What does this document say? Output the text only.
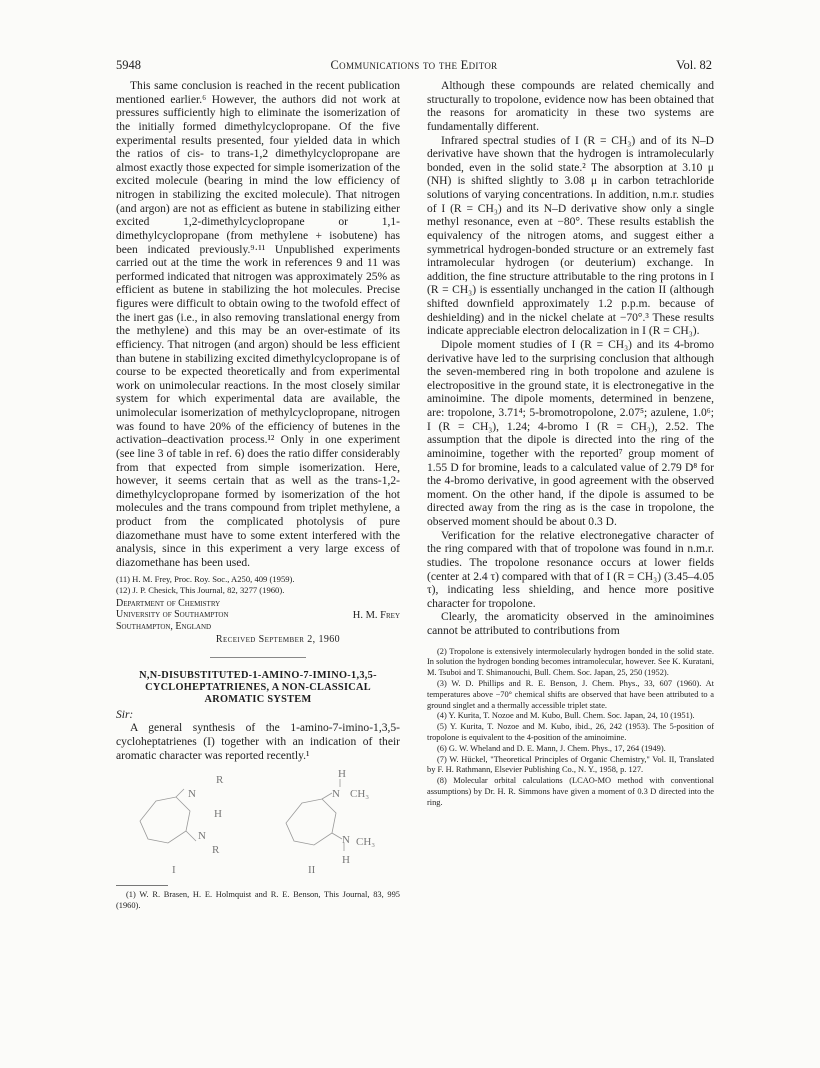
5948	Communications to the Editor	Vol. 82

This same conclusion is reached in the recent publication mentioned earlier.⁶ However, the authors did not work at pressures sufficiently high to eliminate the isomerization of the initially formed dimethylcyclopropane. Of the five experimental results presented, four yielded data in which the ratios of cis- to trans-1,2 dimethylcyclopropane are almost exactly those expected for simple isomerization of the excited molecule (bearing in mind the low efficiency of nitrogen in stabilizing the excited molecule). That nitrogen (and argon) are not as efficient as butene in stabilizing either excited 1,2-dimethylcyclopropane or 1,1-dimethylcyclopropane (from methylene + isobutene) has been indicated previously.⁹·¹¹ Unpublished experiments carried out at the time the work in references 9 and 11 was performed indicated that nitrogen was approximately 25% as efficient as butene in stabilizing the hot molecules. Precise figures were difficult to obtain owing to the twofold effect of the inert gas (i.e., in also removing translational energy from the methylene) and this may be an over-estimate of its efficiency. That nitrogen (and argon) should be less efficient than butene in stabilizing excited dimethylcyclopropane is of course to be expected theoretically and from experimental work on unimolecular reactions. In the most closely similar system for which experimental data are available, the unimolecular isomerization of methylcyclopropane, nitrogen was found to have 20% of the efficiency of butenes in the activation–deactivation process.¹² Only in one experiment (see line 3 of table in ref. 6) does the ratio differ considerably from that expected from simple isomerization. Here, however, it seems certain that as well as the trans-1,2-dimethylcyclopropane formed by isomerization of the hot molecules and the trans compound from triplet methylene, a product from the complicated photolysis of pure diazomethane must have to some extent interfered with the analysis, since in this experiment a very large excess of diazomethane has been used.

(11) H. M. Frey, Proc. Roy. Soc., A250, 409 (1959).

(12) J. P. Chesick, This Journal, 82, 3277 (1960).

Department of Chemistry
University of Southampton
Southampton, England
H. M. Frey
Received September 2, 1960
N,N-DISUBSTITUTED-1-AMINO-7-IMINO-1,3,5-CYCLOHEPTATRIENES, A NON-CLASSICAL AROMATIC SYSTEM
Sir:

A general synthesis of the 1-amino-7-imino-1,3,5-cycloheptatrienes (I) together with an indication of their aromatic character was reported recently.¹

R
N
H
N
R
I
H
N CH₃
N CH₃
H
II

(1) W. R. Brasen, H. E. Holmquist and R. E. Benson, This Journal, 83, 995 (1960).

Although these compounds are related chemically and structurally to tropolone, evidence now has been obtained that the reasons for aromaticity in these two systems are fundamentally different.

Infrared spectral studies of I (R = CH₃) and of its N–D derivative have shown that the hydrogen is intramolecularly bonded, even in the solid state.² The absorption at 3.10 μ (NH) is shifted slightly to 3.08 μ in carbon tetrachloride solutions of varying concentrations. In addition, n.m.r. studies of I (R = CH₃) and its N–D derivative show only a single methyl resonance, even at −80°. These results establish the equivalency of the nitrogen atoms, and suggest either a symmetrical hydrogen-bonded structure or an extremely fast intramolecular hydrogen (or deuterium) exchange. In addition, the fine structure attributable to the ring protons in I (R = CH₃) is essentially unchanged in the cation II (although shifted downfield approximately 1.2 p.p.m. because of deshielding) and in the nickel chelate at −70°.³ These results indicate appreciable electron delocalization in I (R = CH₃).

Dipole moment studies of I (R = CH₃) and its 4-bromo derivative have led to the surprising conclusion that although the seven-membered ring in both tropolone and azulene is electropositive in the ground state, it is electronegative in the aminoimine. The dipole moments, determined in benzene, are: tropolone, 3.71⁴; 5-bromotropolone, 2.07⁵; azulene, 1.0⁶; I (R = CH₃), 1.24; 4-bromo I (R = CH₃), 2.52. The assumption that the dipole is directed into the ring of the aminoimine, together with the reported⁷ group moment of 1.55 D for bromine, leads to a calculated value of 2.79 D⁸ for the 4-bromo derivative, in good agreement with the observed moment. On the other hand, if the dipole is assumed to be directed away from the ring as is the case in tropolone, the observed moment should be about 0.3 D.

Verification for the relative electronegative character of the ring compared with that of tropolone was found in n.m.r. studies. The tropolone resonance occurs at lower fields (center at 2.4 τ) compared with that of I (R = CH₃) (3.45–4.05 τ), indicating less shielding, and hence more positive character for tropolone.

Clearly, the aromaticity observed in the aminoimines cannot be attributed to contributions from

(2) Tropolone is extensively intermolecularly hydrogen bonded in the solid state. In solution the hydrogen bonding becomes intramolecular, however. See K. Kuratani, M. Tsuboi and T. Shimanouchi, Bull. Chem. Soc. Japan, 25, 250 (1952).

(3) W. D. Phillips and R. E. Benson, J. Chem. Phys., 33, 607 (1960). At temperatures above −70° chemical shifts are observed that have been attributed to a ground singlet and a thermally accessible triplet state.

(4) Y. Kurita, T. Nozoe and M. Kubo, Bull. Chem. Soc. Japan, 24, 10 (1951).

(5) Y. Kurita, T. Nozoe and M. Kubo, ibid., 26, 242 (1953). The 5-position of tropolone is equivalent to the 4-position of the aminoimine.

(6) G. W. Wheland and D. E. Mann, J. Chem. Phys., 17, 264 (1949).

(7) W. Hückel, "Theoretical Principles of Organic Chemistry," Vol. II, Translated by F. H. Rathmann, Elsevier Publishing Co., N. Y., 1958, p. 127.

(8) Molecular orbital calculations (LCAO-MO method with conventional assumptions) by Dr. H. R. Simmons have given a moment of 0.3 D directed into the ring.
